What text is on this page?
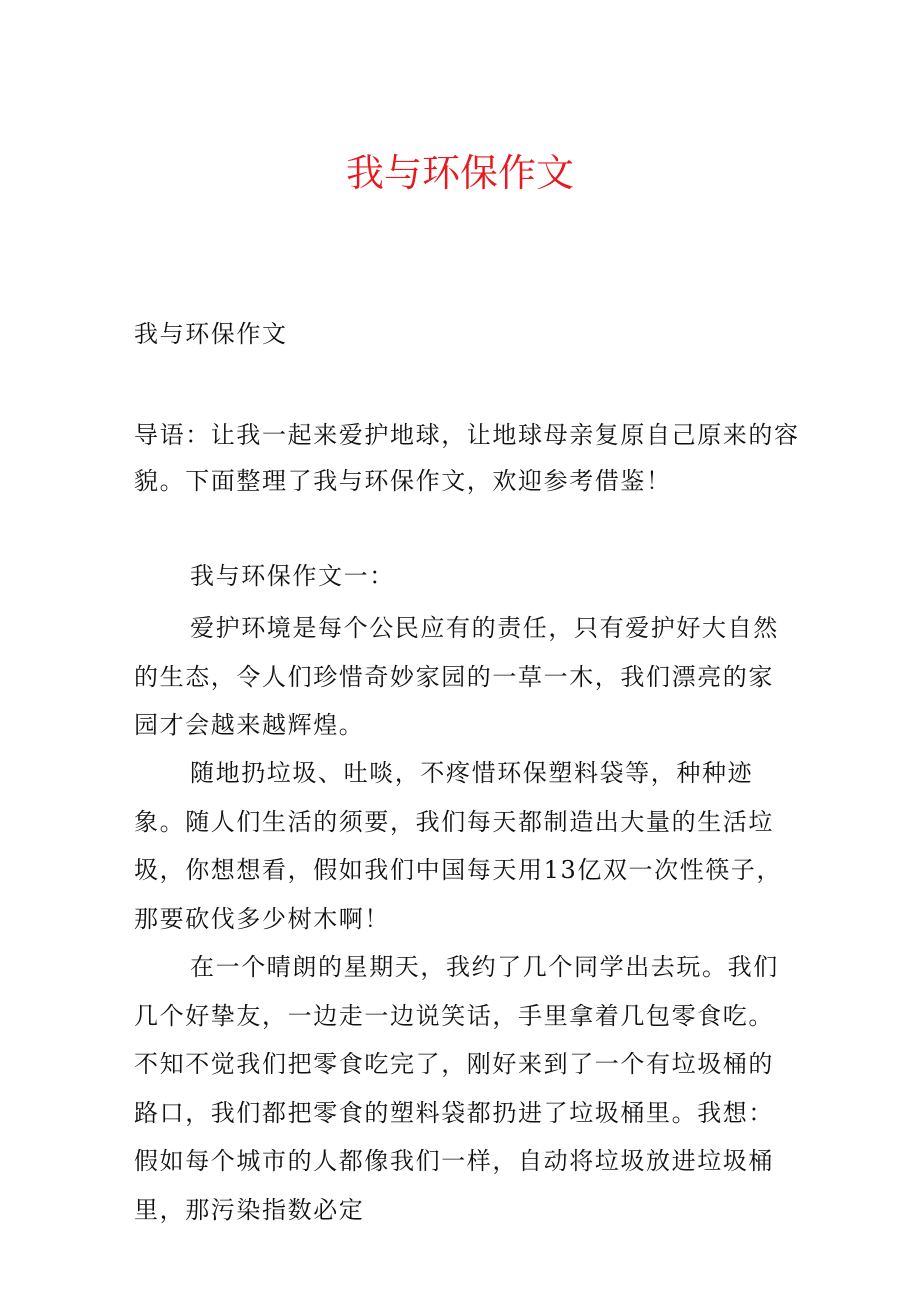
我与环保作文
我与环保作文
导语：让我一起来爱护地球，让地球母亲复原自己原来的容貌。下面整理了我与环保作文，欢迎参考借鉴！
我与环保作文一：

爱护环境是每个公民应有的责任，只有爱护好大自然的生态，令人们珍惜奇妙家园的一草一木，我们漂亮的家园才会越来越辉煌。

随地扔垃圾、吐啖，不疼惜环保塑料袋等，种种迹象。随人们生活的须要，我们每天都制造出大量的生活垃圾，你想想看，假如我们中国每天用13亿双一次性筷子，那要砍伐多少树木啊！

在一个晴朗的星期天，我约了几个同学出去玩。我们几个好挚友，一边走一边说笑话，手里拿着几包零食吃。不知不觉我们把零食吃完了，刚好来到了一个有垃圾桶的路口，我们都把零食的塑料袋都扔进了垃圾桶里。我想：假如每个城市的人都像我们一样，自动将垃圾放进垃圾桶里，那污染指数必定
